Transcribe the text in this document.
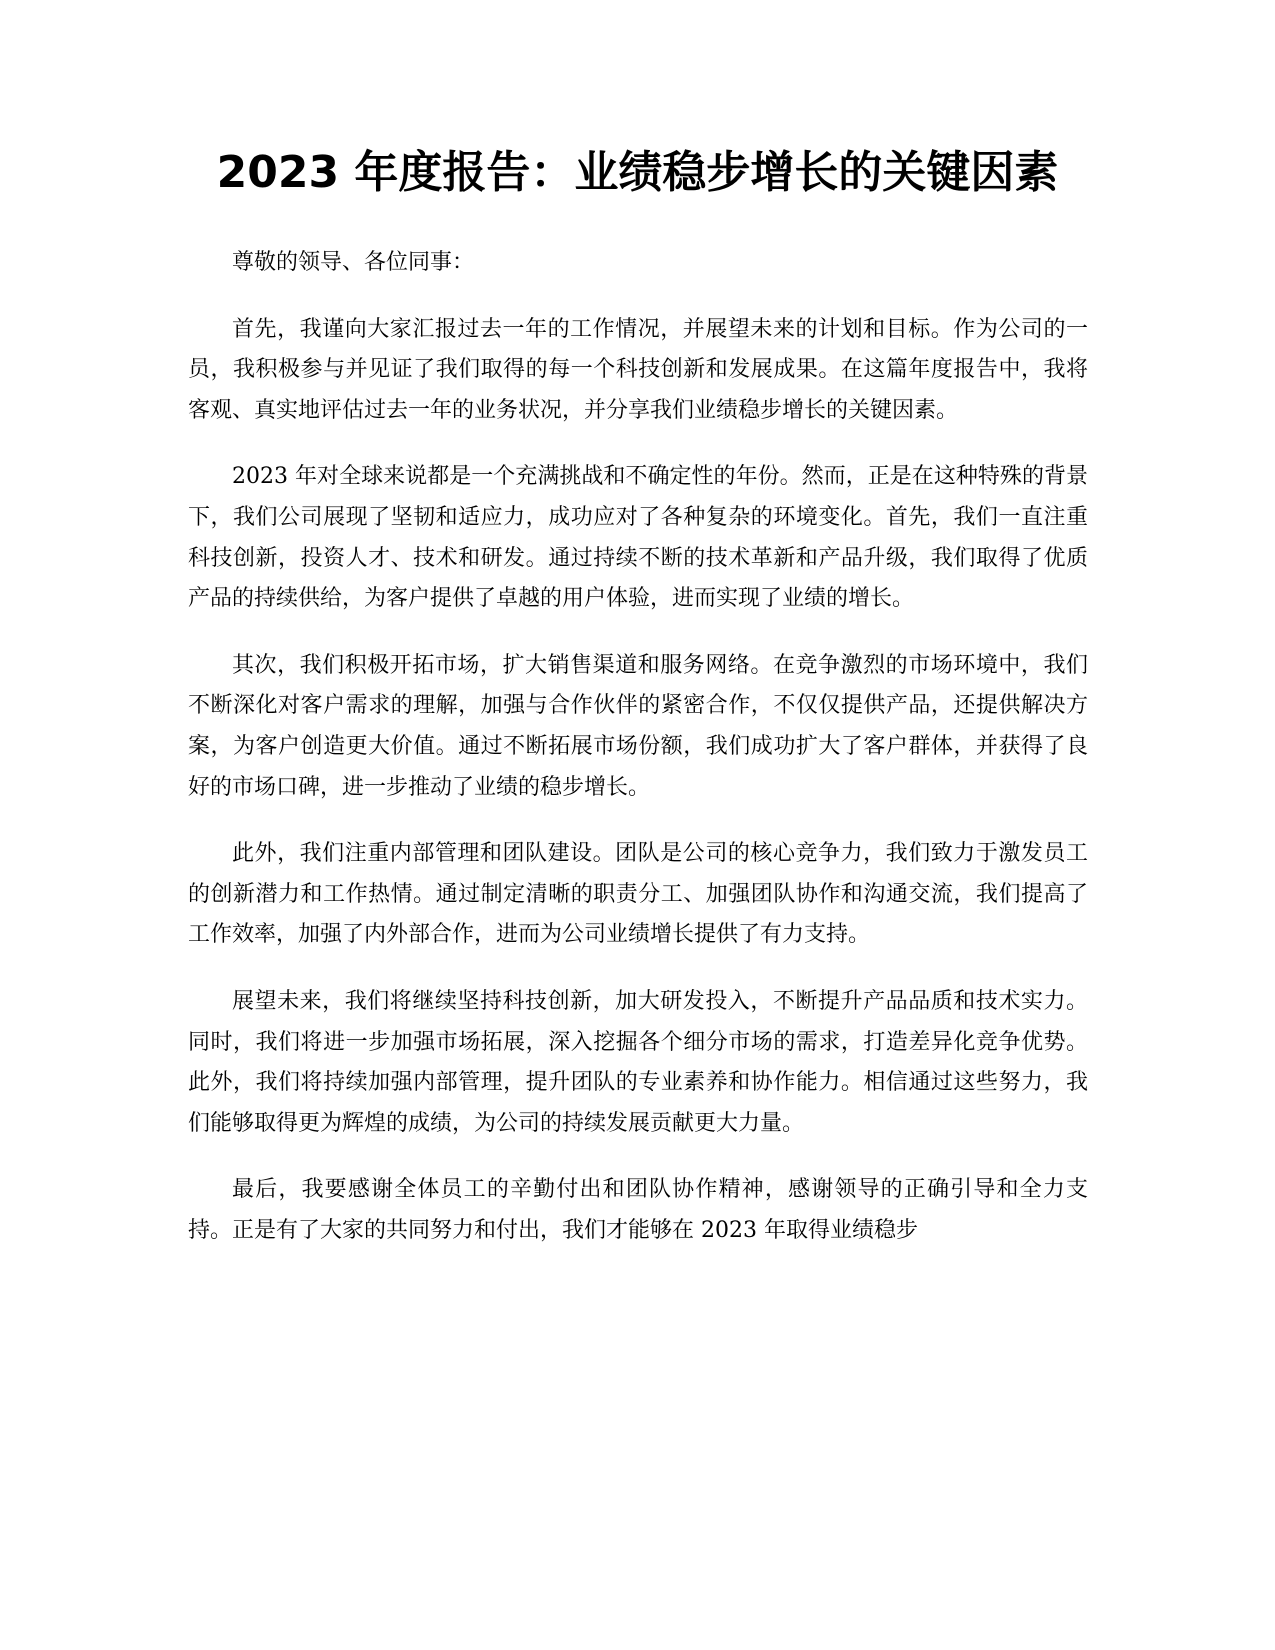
2023 年度报告：业绩稳步增长的关键因素

尊敬的领导、各位同事：

首先，我谨向大家汇报过去一年的工作情况，并展望未来的计划和目标。作为公司的一员，我积极参与并见证了我们取得的每一个科技创新和发展成果。在这篇年度报告中，我将客观、真实地评估过去一年的业务状况，并分享我们业绩稳步增长的关键因素。

2023 年对全球来说都是一个充满挑战和不确定性的年份。然而，正是在这种特殊的背景下，我们公司展现了坚韧和适应力，成功应对了各种复杂的环境变化。首先，我们一直注重科技创新，投资人才、技术和研发。通过持续不断的技术革新和产品升级，我们取得了优质产品的持续供给，为客户提供了卓越的用户体验，进而实现了业绩的增长。

其次，我们积极开拓市场，扩大销售渠道和服务网络。在竞争激烈的市场环境中，我们不断深化对客户需求的理解，加强与合作伙伴的紧密合作，不仅仅提供产品，还提供解决方案，为客户创造更大价值。通过不断拓展市场份额，我们成功扩大了客户群体，并获得了良好的市场口碑，进一步推动了业绩的稳步增长。

此外，我们注重内部管理和团队建设。团队是公司的核心竞争力，我们致力于激发员工的创新潜力和工作热情。通过制定清晰的职责分工、加强团队协作和沟通交流，我们提高了工作效率，加强了内外部合作，进而为公司业绩增长提供了有力支持。

展望未来，我们将继续坚持科技创新，加大研发投入，不断提升产品品质和技术实力。同时，我们将进一步加强市场拓展，深入挖掘各个细分市场的需求，打造差异化竞争优势。此外，我们将持续加强内部管理，提升团队的专业素养和协作能力。相信通过这些努力，我们能够取得更为辉煌的成绩，为公司的持续发展贡献更大力量。

最后，我要感谢全体员工的辛勤付出和团队协作精神，感谢领导的正确引导和全力支持。正是有了大家的共同努力和付出，我们才能够在 2023 年取得业绩稳步
